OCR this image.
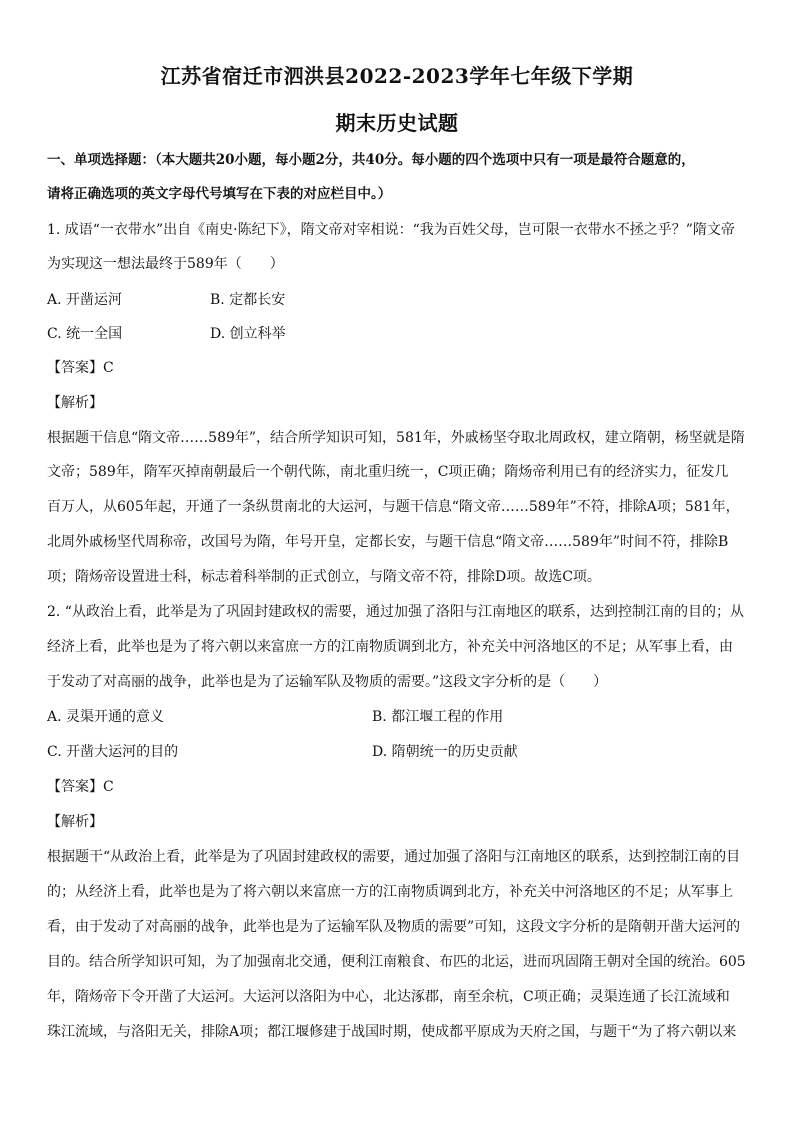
江苏省宿迁市泗洪县2022-2023学年七年级下学期
期末历史试题
一、单项选择题：（本大题共20小题，每小题2分，共40分。每小题的四个选项中只有一项是最符合题意的，
请将正确选项的英文字母代号填写在下表的对应栏目中。）
1. 成语“一衣带水”出自《南史·陈纪下》，隋文帝对宰相说：“我为百姓父母，岂可限一衣带水不拯之乎？”隋文帝
为实现这一想法最终于589年（　　）
A. 开凿运河	B. 定都长安
C. 统一全国	D. 创立科举
【答案】C
【解析】
根据题干信息“隋文帝……589年”，结合所学知识可知，581年，外戚杨坚夺取北周政权，建立隋朝，杨坚就是隋
文帝；589年，隋军灭掉南朝最后一个朝代陈，南北重归统一，C项正确；隋炀帝利用已有的经济实力，征发几
百万人，从605年起，开通了一条纵贯南北的大运河，与题干信息“隋文帝……589年”不符，排除A项；581年，
北周外戚杨坚代周称帝，改国号为隋，年号开皇，定都长安，与题干信息“隋文帝……589年”时间不符，排除B
项；隋炀帝设置进士科，标志着科举制的正式创立，与隋文帝不符，排除D项。故选C项。
2. “从政治上看，此举是为了巩固封建政权的需要，通过加强了洛阳与江南地区的联系，达到控制江南的目的；从
经济上看，此举也是为了将六朝以来富庶一方的江南物质调到北方，补充关中河洛地区的不足；从军事上看，由
于发动了对高丽的战争，此举也是为了运输军队及物质的需要。”这段文字分析的是（　　）
A. 灵渠开通的意义	B. 都江堰工程的作用
C. 开凿大运河的目的	D. 隋朝统一的历史贡献
【答案】C
【解析】
根据题干“从政治上看，此举是为了巩固封建政权的需要，通过加强了洛阳与江南地区的联系，达到控制江南的目
的；从经济上看，此举也是为了将六朝以来富庶一方的江南物质调到北方，补充关中河洛地区的不足；从军事上
看，由于发动了对高丽的战争，此举也是为了运输军队及物质的需要”可知，这段文字分析的是隋朝开凿大运河的
目的。结合所学知识可知，为了加强南北交通，便利江南粮食、布匹的北运，进而巩固隋王朝对全国的统治。605
年，隋炀帝下令开凿了大运河。大运河以洛阳为中心，北达涿郡，南至余杭，C项正确；灵渠连通了长江流域和
珠江流域，与洛阳无关，排除A项；都江堰修建于战国时期，使成都平原成为天府之国，与题干“为了将六朝以来
